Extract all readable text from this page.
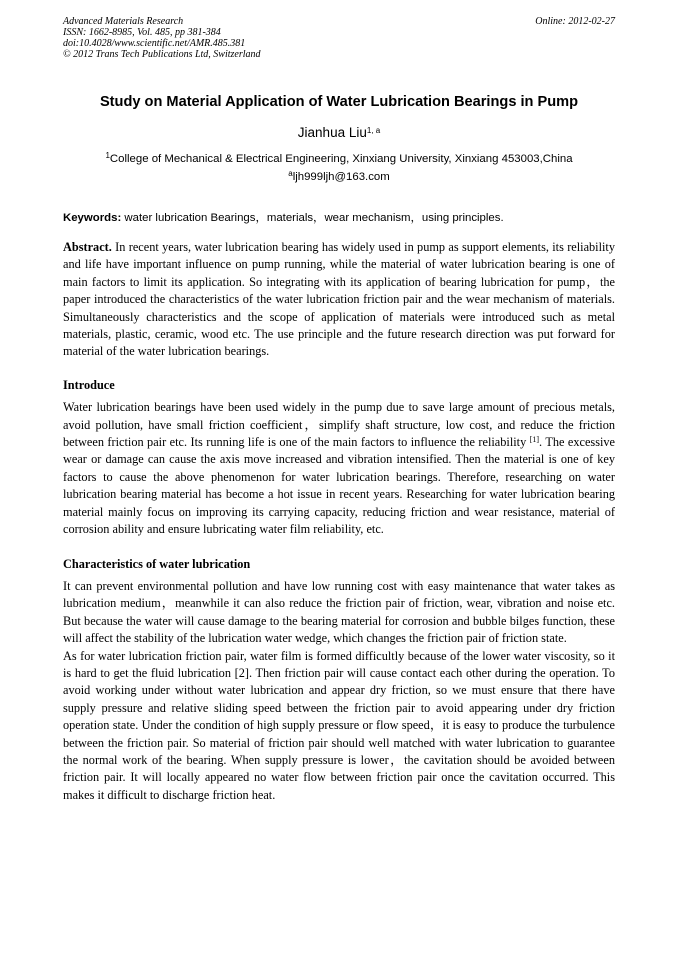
Advanced Materials Research
ISSN: 1662-8985, Vol. 485, pp 381-384
doi:10.4028/www.scientific.net/AMR.485.381
© 2012 Trans Tech Publications Ltd, Switzerland
Online: 2012-02-27
Study on Material Application of Water Lubrication Bearings in Pump
Jianhua Liu$^{1, a}$
$^1$College of Mechanical & Electrical Engineering, Xinxiang University, Xinxiang 453003,China
$^a$ljh999ljh@163.com
Keywords: water lubrication Bearings，materials，wear mechanism，using principles.

Abstract. In recent years, water lubrication bearing has widely used in pump as support elements, its reliability and life have important influence on pump running, while the material of water lubrication bearing is one of main factors to limit its application. So integrating with its application of bearing lubrication for pump，the paper introduced the characteristics of the water lubrication friction pair and the wear mechanism of materials. Simultaneously characteristics and the scope of application of materials were introduced such as metal materials, plastic, ceramic, wood etc. The use principle and the future research direction was put forward for material of the water lubrication bearings.

Introduce

Water lubrication bearings have been used widely in the pump due to save large amount of precious metals, avoid pollution, have small friction coefficient，simplify shaft structure, low cost, and reduce the friction between friction pair etc. Its running life is one of the main factors to influence the reliability [1]. The excessive wear or damage can cause the axis move increased and vibration intensified. Then the material is one of key factors to cause the above phenomenon for water lubrication bearings. Therefore, researching on water lubrication bearing material has become a hot issue in recent years. Researching for water lubrication bearing material mainly focus on improving its carrying capacity, reducing friction and wear resistance, material of corrosion ability and ensure lubricating water film reliability, etc.

Characteristics of water lubrication

It can prevent environmental pollution and have low running cost with easy maintenance that water takes as lubrication medium，meanwhile it can also reduce the friction pair of friction, wear, vibration and noise etc. But because the water will cause damage to the bearing material for corrosion and bubble bilges function, these will affect the stability of the lubrication water wedge, which changes the friction pair of friction state.

As for water lubrication friction pair, water film is formed difficultly because of the lower water viscosity, so it is hard to get the fluid lubrication [2]. Then friction pair will cause contact each other during the operation. To avoid working under without water lubrication and appear dry friction, so we must ensure that there have supply pressure and relative sliding speed between the friction pair to avoid appearing under dry friction operation state. Under the condition of high supply pressure or flow speed，it is easy to produce the turbulence between the friction pair. So material of friction pair should well matched with water lubrication to guarantee the normal work of the bearing. When supply pressure is lower，the cavitation should be avoided between friction pair. It will locally appeared no water flow between friction pair once the cavitation occurred. This makes it difficult to discharge friction heat.
